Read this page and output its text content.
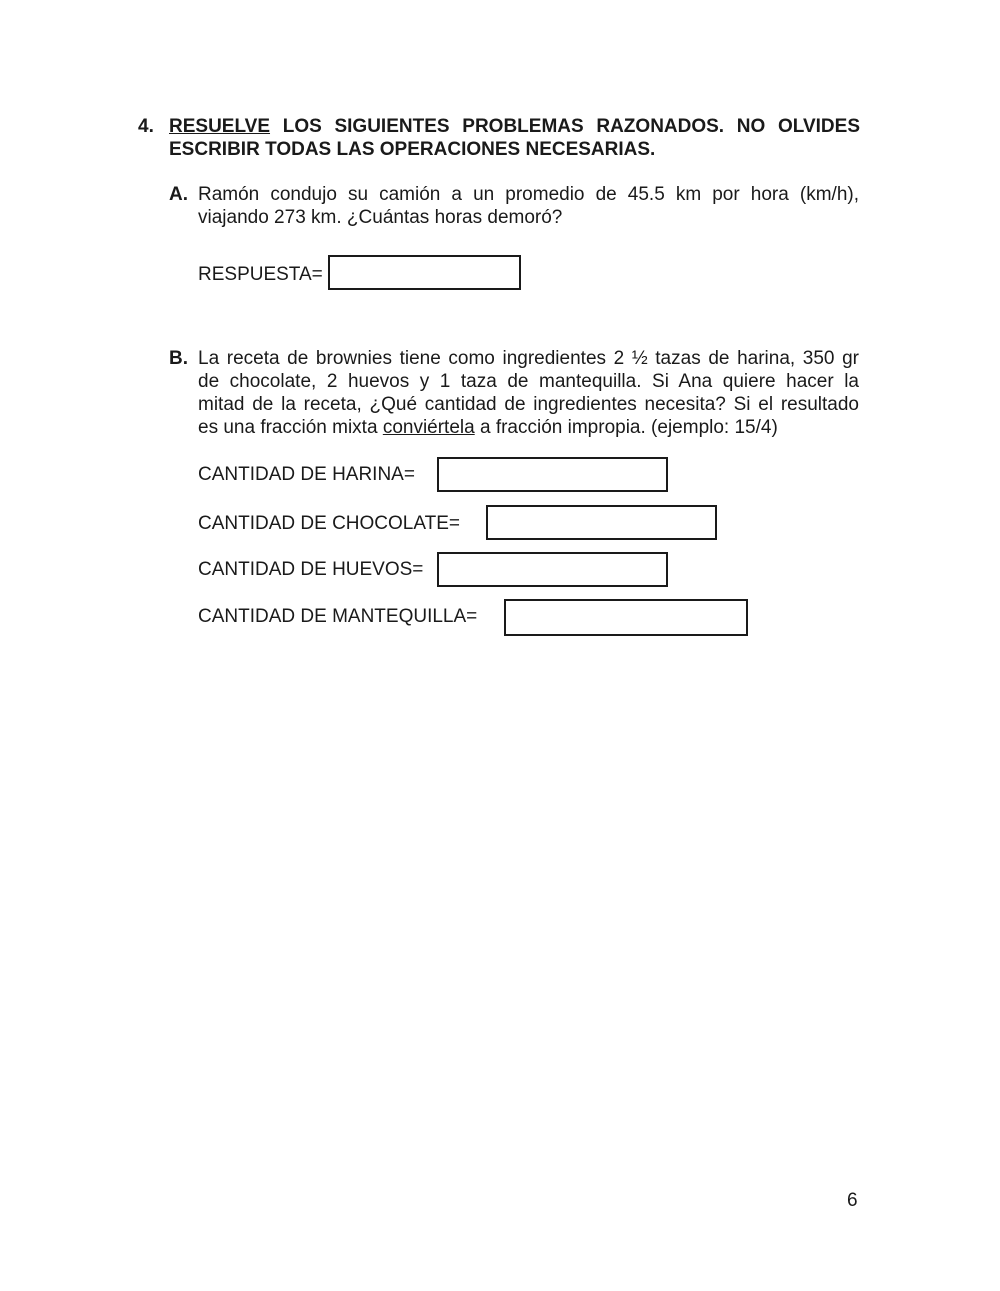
4. RESUELVE LOS SIGUIENTES PROBLEMAS RAZONADOS. NO OLVIDES
ESCRIBIR TODAS LAS OPERACIONES NECESARIAS.
A. Ramón condujo su camión a un promedio de 45.5 km por hora (km/h),
viajando 273 km. ¿Cuántas horas demoró?
RESPUESTA=
B. La receta de brownies tiene como ingredientes 2 ½ tazas de harina, 350 gr
de chocolate, 2 huevos y 1 taza de mantequilla. Si Ana quiere hacer la
mitad de la receta, ¿Qué cantidad de ingredientes necesita? Si el resultado
es una fracción mixta conviértela a fracción impropia. (ejemplo: 15/4)
CANTIDAD DE HARINA=
CANTIDAD DE CHOCOLATE=
CANTIDAD DE HUEVOS=
CANTIDAD DE MANTEQUILLA=
6
